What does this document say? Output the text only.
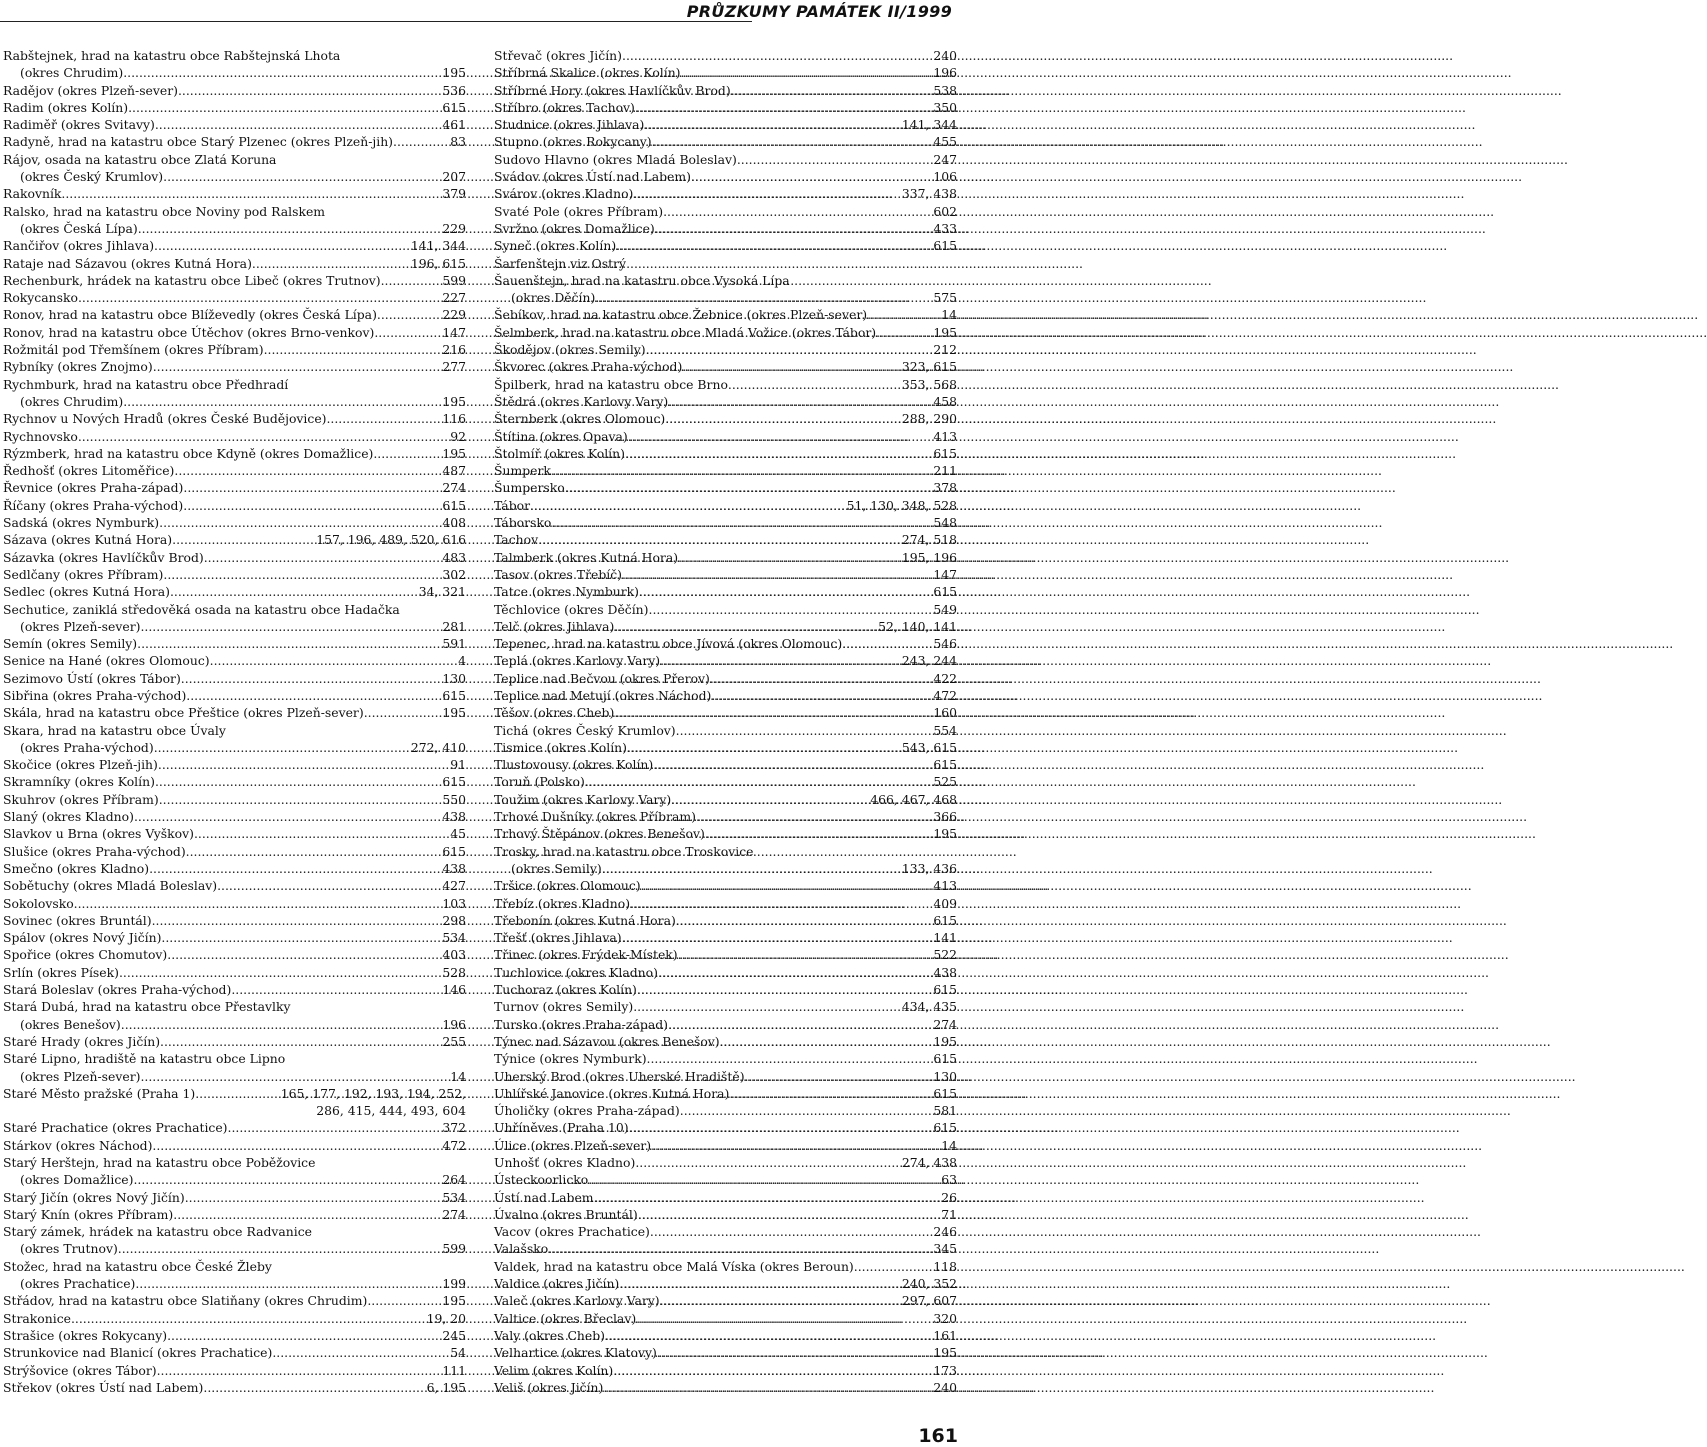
PRŮZKUMY PAMÁTEK II/1999
Rabštejnek, hrad na katastru obce Rabštejnská Lhota
(okres Chrudim) .....	195
Radějov (okres Plzeň-sever) .....	536
Radim (okres Kolín) .....	615
Radiměř (okres Svitavy) .....	461
Radyně, hrad na katastru obce Starý Plzenec (okres Plzeň-jih) .....	83
Rájov, osada na katastru obce Zlatá Koruna
(okres Český Krumlov) .....	207
Rakovník .....	379
Ralsko, hrad na katastru obce Noviny pod Ralskem
(okres Česká Lípa) .....	229
Rančiřov (okres Jihlava) .....	141, 344
Rataje nad Sázavou (okres Kutná Hora) .....	196, 615
Rechenburk, hrádek na katastru obce Libeč (okres Trutnov) .....	599
Rokycansko .....	227
Ronov, hrad na katastru obce Blíževedly (okres Česká Lípa) .....	229
Ronov, hrad na katastru obce Útěchov (okres Brno-venkov) .....	147
Rožmitál pod Třemšínem (okres Příbram) .....	216
Rybníky (okres Znojmo) .....	277
Rychmburk, hrad na katastru obce Předhradí
(okres Chrudim) .....	195
Rychnov u Nových Hradů (okres České Budějovice) .....	116
Rychnovsko .....	92
Rýzmberk, hrad na katastru obce Kdyně (okres Domažlice) .....	195
Ředhošť (okres Litoměřice) .....	487
Řevnice (okres Praha-západ) .....	274
Říčany (okres Praha-východ) .....	615
Sadská (okres Nymburk) .....	408
Sázava (okres Kutná Hora) .....	157, 196, 489, 520, 616
Sázavka (okres Havlíčkův Brod) .....	483
Sedlčany (okres Příbram) .....	302
Sedlec (okres Kutná Hora) .....	34, 321
Sechutice, zaniklá středověká osada na katastru obce Hadačka
(okres Plzeň-sever) .....	281
Semín (okres Semily) .....	591
Senice na Hané (okres Olomouc) .....	4
Sezimovo Ústí (okres Tábor) .....	130
Sibřina (okres Praha-východ) .....	615
Skála, hrad na katastru obce Přeštice (okres Plzeň-sever) .....	195
Skara, hrad na katastru obce Úvaly
(okres Praha-východ) .....	272, 410
Skočice (okres Plzeň-jih) .....	91
Skramníky (okres Kolín) .....	615
Skuhrov (okres Příbram) .....	550
Slaný (okres Kladno) .....	438
Slavkov u Brna (okres Vyškov) .....	45
Slušice (okres Praha-východ) .....	615
Smečno (okres Kladno) .....	438
Sobětuchy (okres Mladá Boleslav) .....	427
Sokolovsko .....	103
Sovinec (okres Bruntál) .....	298
Spálov (okres Nový Jičín) .....	534
Spořice (okres Chomutov) .....	403
Srlín (okres Písek) .....	528
Stará Boleslav (okres Praha-východ) .....	146
Stará Dubá, hrad na katastru obce Přestavlky
(okres Benešov) .....	196
Staré Hrady (okres Jičín) .....	255
Staré Lipno, hradiště na katastru obce Lipno
(okres Plzeň-sever) .....	14
Staré Město pražské (Praha 1) .....	165, 177, 192, 193, 194, 252,
286, 415, 444, 493, 604
Staré Prachatice (okres Prachatice) .....	372
Stárkov (okres Náchod) .....	472
Starý Herštejn, hrad na katastru obce Poběžovice
(okres Domažlice) .....	264
Starý Jičín (okres Nový Jičín) .....	534
Starý Knín (okres Příbram) .....	274
Starý zámek, hrádek na katastru obce Radvanice
(okres Trutnov) .....	599
Stožec, hrad na katastru obce České Žleby
(okres Prachatice) .....	199
Střádov, hrad na katastru obce Slatiňany (okres Chrudim) .....	195
Strakonice .....	19, 20
Strašice (okres Rokycany) .....	245
Strunkovice nad Blanicí (okres Prachatice) .....	54
Strýšovice (okres Tábor) .....	111
Střekov (okres Ústí nad Labem) .....	6, 195
Střevač (okres Jičín) .....	240
Stříbrná Skalice (okres Kolín) .....	196
Stříbrné Hory (okres Havlíčkův Brod) .....	538
Stříbro (okres Tachov) .....	350
Studnice (okres Jihlava) .....	141, 344
Stupno (okres Rokycany) .....	455
Sudovo Hlavno (okres Mladá Boleslav) .....	247
Svádov (okres Ústí nad Labem) .....	106
Svárov (okres Kladno) .....	337, 438
Svaté Pole (okres Příbram) .....	602
Svržno (okres Domažlice) .....	433
Syneč (okres Kolín) .....	615
Šarfenštejn viz Ostrý
Šauenštejn, hrad na katastru obce Vysoká Lípa
(okres Děčín) .....	575
Šebíkov, hrad na katastru obce Žebnice (okres Plzeň-sever) .....	14
Šelmberk, hrad na katastru obce Mladá Vožice (okres Tábor) .....	195
Škodějov (okres Semily) .....	212
Škvorec (okres Praha-východ) .....	323, 615
Špilberk, hrad na katastru obce Brno .....	353, 568
Štědrá (okres Karlovy Vary) .....	458
Šternberk (okres Olomouc) .....	288, 290
Štítina (okres Opava) .....	413
Štolmíř (okres Kolín) .....	615
Šumperk .....	211
Šumpersko .....	378
Tábor .....	51, 130, 348, 528
Táborsko .....	548
Tachov .....	274, 518
Talmberk (okres Kutná Hora) .....	195, 196
Tasov (okres Třebíč) .....	147
Tatce (okres Nymburk) .....	615
Těchlovice (okres Děčín) .....	549
Telč (okres Jihlava) .....	52, 140, 141
Tepenec, hrad na katastru obce Jívová (okres Olomouc) .....	546
Teplá (okres Karlovy Vary) .....	243, 244
Teplice nad Bečvou (okres Přerov) .....	422
Teplice nad Metují (okres Náchod) .....	472
Těšov (okres Cheb) .....	160
Tichá (okres Český Krumlov) .....	554
Tismice (okres Kolín) .....	543, 615
Tlustovousy (okres Kolín) .....	615
Toruň (Polsko) .....	525
Toužim (okres Karlovy Vary) .....	466, 467, 468
Trhové Dušníky (okres Příbram) .....	366
Trhový Štěpánov (okres Benešov) .....	195
Trosky, hrad na katastru obce Troskovice
(okres Semily) .....	133, 436
Tršice (okres Olomouc) .....	413
Třebíz (okres Kladno) .....	409
Třebonín (okres Kutná Hora) .....	615
Třešť (okres Jihlava) .....	141
Třinec (okres Frýdek-Místek) .....	522
Tuchlovice (okres Kladno) .....	438
Tuchoraz (okres Kolín) .....	615
Turnov (okres Semily) .....	434, 435
Tursko (okres Praha-západ) .....	274
Týnec nad Sázavou (okres Benešov) .....	195
Týnice (okres Nymburk) .....	615
Uherský Brod (okres Uherské Hradiště) .....	130
Uhlířské Janovice (okres Kutná Hora) .....	615
Úholičky (okres Praha-západ) .....	581
Uhříněves (Praha 10) .....	615
Úlice (okres Plzeň-sever) .....	14
Unhošť (okres Kladno) .....	274, 438
Ústeckoorlicko .....	63
Ústí nad Labem .....	26
Úvalno (okres Bruntál) .....	71
Vacov (okres Prachatice) .....	246
Valašsko .....	345
Valdek, hrad na katastru obce Malá Víska (okres Beroun) .....	118
Valdice (okres Jičín) .....	240, 352
Valeč (okres Karlovy Vary) .....	297, 607
Valtice (okres Břeclav) .....	320
Valy (okres Cheb) .....	161
Velhartice (okres Klatovy) .....	195
Velim (okres Kolín) .....	173
Veliš (okres Jičín) .....	240
161
